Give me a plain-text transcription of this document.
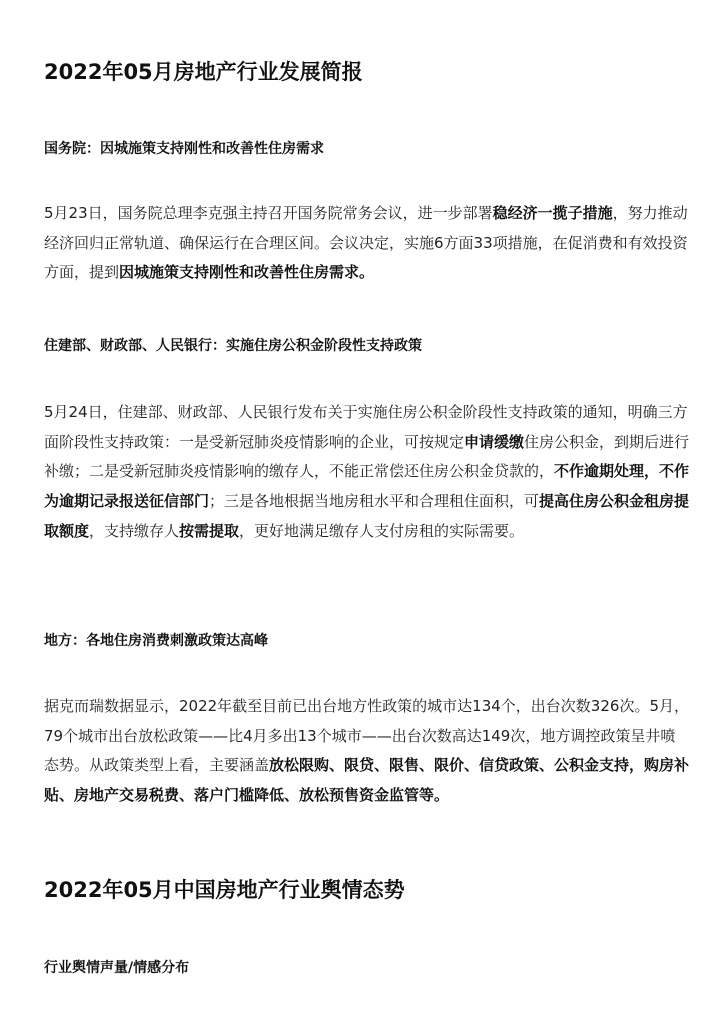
2022年05月房地产行业发展简报
国务院：因城施策支持刚性和改善性住房需求

5月23日，国务院总理李克强主持召开国务院常务会议，进一步部署稳经济一揽子措施，努力推动经济回归正常轨道、确保运行在合理区间。会议决定，实施6方面33项措施，在促消费和有效投资方面，提到因城施策支持刚性和改善性住房需求。

住建部、财政部、人民银行：实施住房公积金阶段性支持政策

5月24日，住建部、财政部、人民银行发布关于实施住房公积金阶段性支持政策的通知，明确三方面阶段性支持政策：一是受新冠肺炎疫情影响的企业，可按规定申请缓缴住房公积金，到期后进行补缴；二是受新冠肺炎疫情影响的缴存人，不能正常偿还住房公积金贷款的，不作逾期处理，不作为逾期记录报送征信部门；三是各地根据当地房租水平和合理租住面积，可提高住房公积金租房提取额度，支持缴存人按需提取，更好地满足缴存人支付房租的实际需要。

地方：各地住房消费刺激政策达高峰

据克而瑞数据显示，2022年截至目前已出台地方性政策的城市达134个，出台次数326次。5月，79个城市出台放松政策——比4月多出13个城市——出台次数高达149次，地方调控政策呈井喷态势。从政策类型上看，主要涵盖放松限购、限贷、限售、限价、信贷政策、公积金支持，购房补贴、房地产交易税费、落户门槛降低、放松预售资金监管等。

2022年05月中国房地产行业舆情态势
行业舆情声量/情感分布
